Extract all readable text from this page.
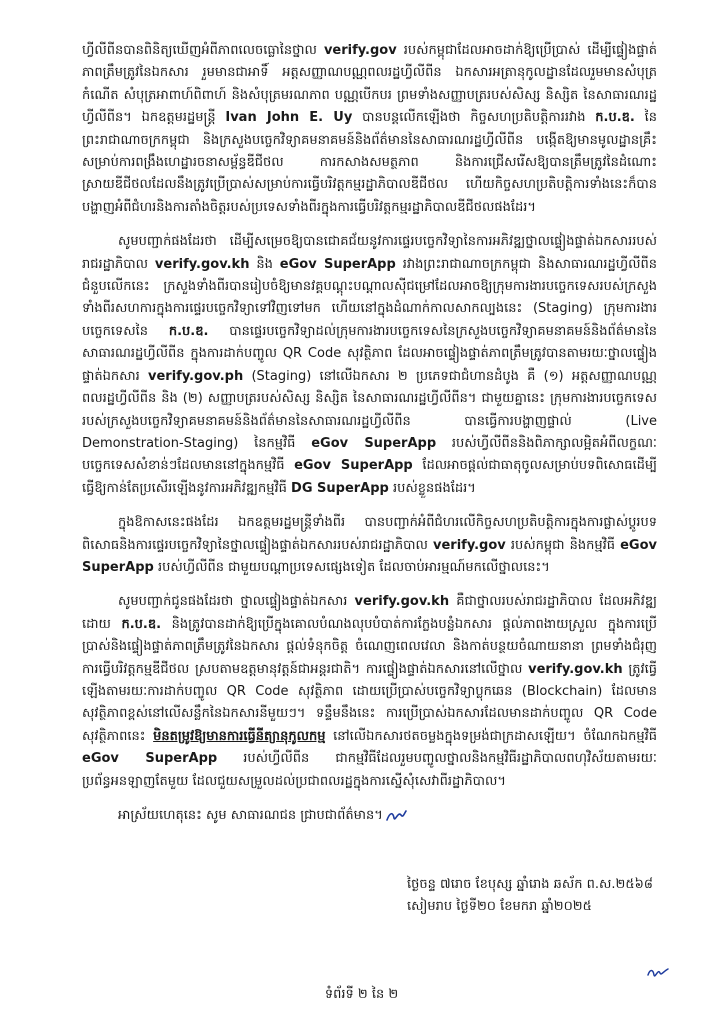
ហ្វីលីពីនបានពិនិត្យឃើញអំពីភាពលេចធ្លោនៃថ្នាល verify.gov របស់កម្ពុជាដែលអាចដាក់ឱ្យប្រើប្រាស់ ដើម្បីផ្ទៀងផ្ទាត់ភាពត្រឹមត្រូវនៃឯកសារ រួមមានជាអាទិ៍ អត្តសញ្ញាណបណ្ណពលរដ្ឋហ្វីលីពីន ឯកសារអត្រានុកូលដ្ឋានដែលរួមមានសំបុត្រកំណើត សំបុត្រអាពាហ៍ពិពាហ៍ និងសំបុត្រមរណភាព បណ្ណបើកបរ ព្រមទាំងសញ្ញាបត្ររបស់សិស្ស និស្សិត នៃសាធារណរដ្ឋហ្វីលីពីន។ ឯកឧត្តមរដ្ឋមន្ត្រី Ivan John E. Uy បានបន្តលើកឡើងថា កិច្ចសហប្រតិបត្តិការរវាង ក.ប.ឌ. នៃព្រះរាជាណាចក្រកម្ពុជា និងក្រសួងបច្ចេកវិទ្យាគមនាគមន៍និងព័ត៌មាននៃសាធារណរដ្ឋហ្វីលីពីន បង្កើតឱ្យមានមូលដ្ឋានគ្រឹះសម្រាប់ការពង្រឹងហេដ្ឋារចនាសម្ព័ន្ធឌីជីថល ការកសាងសមត្ថភាព និងការជ្រើសរើសឱ្យបានត្រឹមត្រូវនៃដំណោះស្រាយឌីជីថលដែលនឹងត្រូវប្រើប្រាស់សម្រាប់ការធ្វើបរិវត្តកម្មរដ្ឋាភិបាលឌីជីថល ហើយកិច្ចសហប្រតិបត្តិការទាំងនេះក៏បានបង្ហាញអំពីជំហរនិងការតាំងចិត្តរបស់ប្រទេសទាំងពីរក្នុងការធ្វើបរិវត្តកម្មរដ្ឋាភិបាលឌីជីថលផងដែរ។

សូមបញ្ជាក់ផងដែរថា ដើម្បីសម្រេចឱ្យបានជោគជ័យនូវការផ្ទេរបច្ចេកវិទ្យានៃការអភិវឌ្ឍថ្នាលផ្ទៀងផ្ទាត់ឯកសាររបស់រាជរដ្ឋាភិបាល verify.gov.kh និង eGov SuperApp រវាងព្រះរាជាណាចក្រកម្ពុជា និងសាធារណរដ្ឋហ្វីលីពីន ជំនួបលើកនេះ ក្រសួងទាំងពីរបានរៀបចំឱ្យមានវគ្គបណ្តុះបណ្តាលស៊ីជម្រៅដែលអាចឱ្យក្រុមការងារបច្ចេកទេសរបស់ក្រសួងទាំងពីរសហការក្នុងការផ្ទេរបច្ចេកវិទ្យាទៅវិញទៅមក ហើយនៅក្នុងដំណាក់កាលសាកល្បងនេះ (Staging) ក្រុមការងារបច្ចេកទេសនៃ ក.ប.ឌ. បានផ្ទេរបច្ចេកវិទ្យាដល់ក្រុមការងារបច្ចេកទេសនៃក្រសួងបច្ចេកវិទ្យាគមនាគមន៍និងព័ត៌មាននៃសាធារណរដ្ឋហ្វីលីពីន ក្នុងការដាក់បញ្ចូល QR Code សុវត្ថិភាព ដែលអាចផ្ទៀងផ្ទាត់ភាពត្រឹមត្រូវបានតាមរយៈថ្នាលផ្ទៀងផ្ទាត់ឯកសារ verify.gov.ph (Staging) នៅលើឯកសារ ២ ប្រភេទជាជំហានដំបូង គឺ (១) អត្តសញ្ញាណបណ្ណពលរដ្ឋហ្វីលីពីន និង (២) សញ្ញាបត្ររបស់សិស្ស និស្សិត នៃសាធារណរដ្ឋហ្វីលីពីន។ ជាមួយគ្នានេះ ក្រុមការងារបច្ចេកទេសរបស់ក្រសួងបច្ចេកវិទ្យាគមនាគមន៍និងព័ត៌មាននៃសាធារណរដ្ឋហ្វីលីពីន បានធ្វើការបង្ហាញផ្ទាល់ (Live Demonstration-Staging) នៃកម្មវិធី eGov SuperApp របស់ហ្វីលីពីននិងពិភាក្សាលម្អិតអំពីលក្ខណៈបច្ចេកទេសសំខាន់ៗដែលមាននៅក្នុងកម្មវិធី eGov SuperApp ដែលអាចផ្តល់ជាធាតុចូលសម្រាប់បទពិសោធដើម្បីធ្វើឱ្យកាន់តែប្រសើរឡើងនូវការអភិវឌ្ឍកម្មវិធី DG SuperApp របស់ខ្លួនផងដែរ។

ក្នុងឱកាសនេះផងដែរ ឯកឧត្តមរដ្ឋមន្ត្រីទាំងពីរ បានបញ្ជាក់អំពីជំហរលើកិច្ចសហប្រតិបត្តិការក្នុងការផ្លាស់ប្តូរបទពិសោធនិងការផ្ទេរបច្ចេកវិទ្យានៃថ្នាលផ្ទៀងផ្ទាត់ឯកសាររបស់រាជរដ្ឋាភិបាល verify.gov របស់កម្ពុជា និងកម្មវិធី eGov SuperApp របស់ហ្វីលីពីន ជាមួយបណ្តាប្រទេសផ្សេងទៀត ដែលចាប់អារម្មណ៍មកលើថ្នាលនេះ។

សូមបញ្ជាក់ជូនផងដែរថា ថ្នាលផ្ទៀងផ្ទាត់ឯកសារ verify.gov.kh គឺជាថ្នាលរបស់រាជរដ្ឋាភិបាល ដែលអភិវឌ្ឍដោយ ក.ប.ឌ. និងត្រូវបានដាក់ឱ្យប្រើក្នុងគោលបំណងលុបបំបាត់ការក្លែងបន្លំឯកសារ ផ្តល់ភាពងាយស្រួល ក្នុងការប្រើប្រាស់និងផ្ទៀងផ្ទាត់ភាពត្រឹមត្រូវនៃឯកសារ ផ្តល់ទំនុកចិត្ត ចំណេញពេលវេលា និងកាត់បន្ថយចំណាយនានា ព្រមទាំងជំរុញការធ្វើបរិវត្តកម្មឌីជីថល ស្របតាមឧត្តមានុវត្តន៍ជាអន្តរជាតិ។ ការផ្ទៀងផ្ទាត់ឯកសារនៅលើថ្នាល verify.gov.kh ត្រូវធ្វើឡើងតាមរយៈការដាក់បញ្ចូល QR Code សុវត្ថិភាព ដោយប្រើប្រាស់បច្ចេកវិទ្យាប្លុកឆេន (Blockchain) ដែលមានសុវត្ថិភាពខ្ពស់នៅលើសន្លឹកនៃឯកសារនីមួយៗ។ ទន្ទឹមនឹងនេះ ការប្រើប្រាស់ឯកសារដែលមានដាក់បញ្ចូល QR Code សុវត្ថិភាពនេះ មិនតម្រូវឱ្យមានការធ្វើនីត្យានុកូលកម្ម នៅលើឯកសារថតចម្លងក្នុងទម្រង់ជាក្រដាសឡើយ។ ចំណែកឯកម្មវិធី eGov SuperApp របស់ហ្វីលីពីន ជាកម្មវិធីដែលរួមបញ្ចូលថ្នាលនិងកម្មវិធីរដ្ឋាភិបាលពហុវិស័យតាមរយៈប្រព័ន្ធអនឡាញតែមួយ ដែលជួយសម្រួលដល់ប្រជាពលរដ្ឋក្នុងការស្នើសុំសេវាពីរដ្ឋាភិបាល។

អាស្រ័យហេតុនេះ សូម សាធារណជន ជ្រាបជាព័ត៌មាន។

ថ្ងៃចន្ទ ៧រោច ខែបុស្ស ឆ្នាំរោង ឆស័ក ព.ស.២៥៦៨
សៀមរាប ថ្ងៃទី២០ ខែមករា ឆ្នាំ២០២៥
ទំព័រទី ២ នៃ ២
